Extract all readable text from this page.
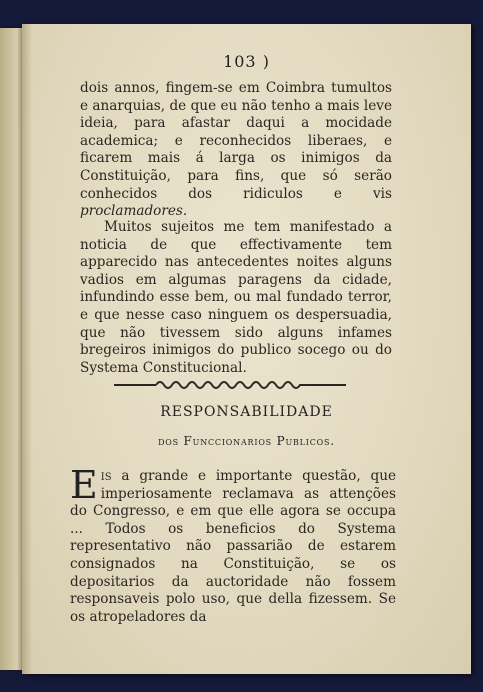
103 )

dois annos, fingem-se em Coimbra tumultos e anarquias, de que eu não tenho a mais leve ideia, para afastar daqui a mocidade academica; e reconhecidos liberaes, e ficarem mais á larga os inimigos da Constituição, para fins, que só serão conhecidos dos ridiculos e vis proclamadores.

Muitos sujeitos me tem manifestado a noticia de que effectivamente tem apparecido nas antecedentes noites alguns vadios em algumas paragens da cidade, infundindo esse bem, ou mal fundado terror, e que nesse caso ninguem os despersuadia, que não tivessem sido alguns infames bregeiros inimigos do publico socego ou do Systema Constitucional.

RESPONSABILIDADE
dos Funccionarios Publicos.

Eis a grande e importante questão, que imperiosamente reclamava as attenções do Congresso, e em que elle agora se occupa ... Todos os beneficios do Systema representativo não passarião de estarem consignados na Constituição, se os depositarios da auctoridade não fossem responsaveis polo uso, que della fizessem. Se os atropeladores da
